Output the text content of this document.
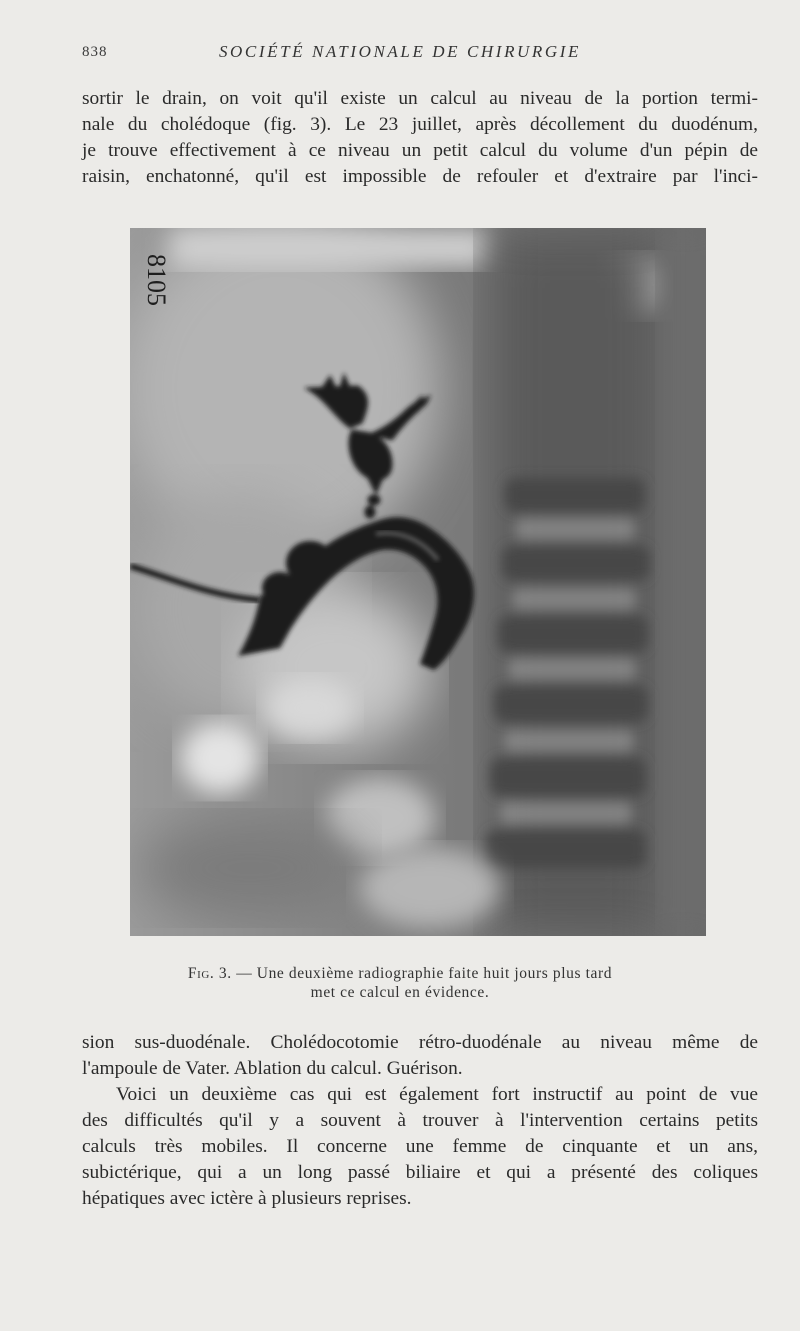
838	SOCIÉTÉ NATIONALE DE CHIRURGIE
sortir le drain, on voit qu'il existe un calcul au niveau de la portion termi-
nale du cholédoque (fig. 3). Le 23 juillet, après décollement du duodénum,
je trouve effectivement à ce niveau un petit calcul du volume d'un pépin de
raisin, enchatonné, qu'il est impossible de refouler et d'extraire par l'inci-
8105
Fig. 3. — Une deuxième radiographie faite huit jours plus tard
met ce calcul en évidence.
sion sus-duodénale. Cholédocotomie rétro-duodénale au niveau même de
l'ampoule de Vater. Ablation du calcul. Guérison.
Voici un deuxième cas qui est également fort instructif au point de vue
des difficultés qu'il y a souvent à trouver à l'intervention certains petits
calculs très mobiles. Il concerne une femme de cinquante et un ans,
subictérique, qui a un long passé biliaire et qui a présenté des coliques
hépatiques avec ictère à plusieurs reprises.
